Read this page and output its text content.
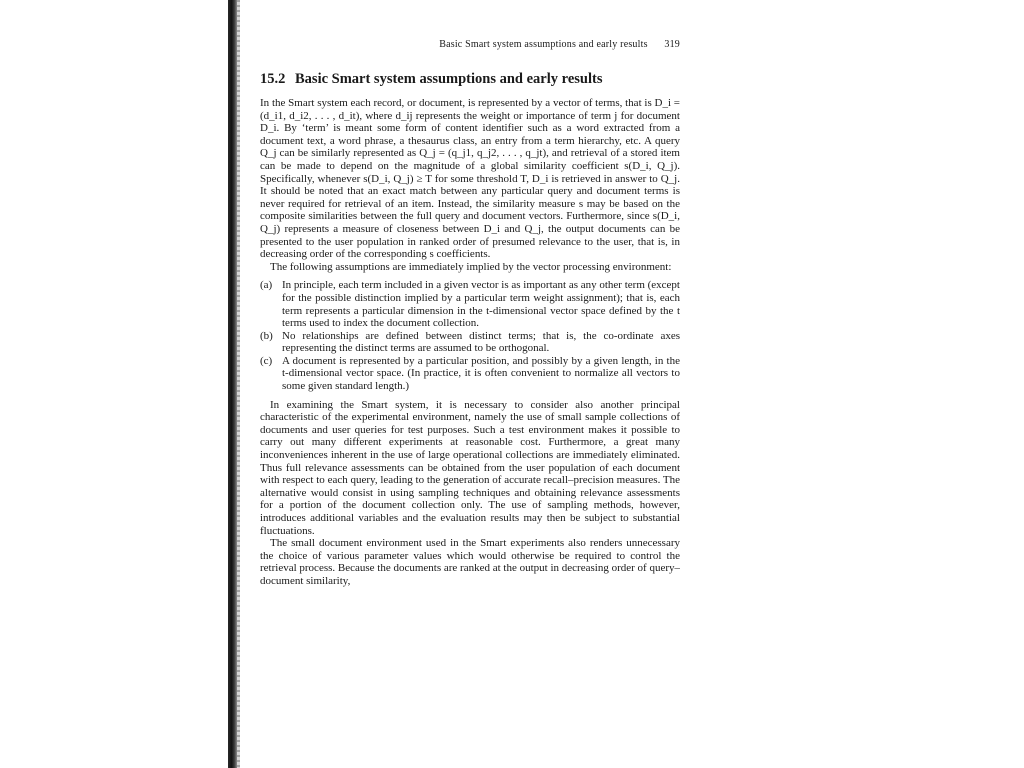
Basic Smart system assumptions and early results 319
15.2 Basic Smart system assumptions and early results

In the Smart system each record, or document, is represented by a vector of terms, that is D_i = (d_i1, d_i2, . . . , d_it), where d_ij represents the weight or importance of term j for document D_i. By ‘term’ is meant some form of content identifier such as a word extracted from a document text, a word phrase, a thesaurus class, an entry from a term hierarchy, etc. A query Q_j can be similarly represented as Q_j = (q_j1, q_j2, . . . , q_jt), and retrieval of a stored item can be made to depend on the magnitude of a global similarity coefficient s(D_i, Q_j). Specifically, whenever s(D_i, Q_j) ≥ T for some threshold T, D_i is retrieved in answer to Q_j. It should be noted that an exact match between any particular query and document terms is never required for retrieval of an item. Instead, the similarity measure s may be based on the composite similarities between the full query and document vectors. Furthermore, since s(D_i, Q_j) represents a measure of closeness between D_i and Q_j, the output documents can be presented to the user population in ranked order of presumed relevance to the user, that is, in decreasing order of the corresponding s coefficients.

The following assumptions are immediately implied by the vector processing environment:

(a) In principle, each term included in a given vector is as important as any other term (except for the possible distinction implied by a particular term weight assignment); that is, each term represents a particular dimension in the t-dimensional vector space defined by the t terms used to index the document collection.
(b) No relationships are defined between distinct terms; that is, the co-ordinate axes representing the distinct terms are assumed to be orthogonal.
(c) A document is represented by a particular position, and possibly by a given length, in the t-dimensional vector space. (In practice, it is often convenient to normalize all vectors to some given standard length.)

In examining the Smart system, it is necessary to consider also another principal characteristic of the experimental environment, namely the use of small sample collections of documents and user queries for test purposes. Such a test environment makes it possible to carry out many different experiments at reasonable cost. Furthermore, a great many inconveniences inherent in the use of large operational collections are immediately eliminated. Thus full relevance assessments can be obtained from the user population of each document with respect to each query, leading to the generation of accurate recall–precision measures. The alternative would consist in using sampling techniques and obtaining relevance assessments for a portion of the document collection only. The use of sampling methods, however, introduces additional variables and the evaluation results may then be subject to substantial fluctuations.

The small document environment used in the Smart experiments also renders unnecessary the choice of various parameter values which would otherwise be required to control the retrieval process. Because the documents are ranked at the output in decreasing order of query–document similarity,
